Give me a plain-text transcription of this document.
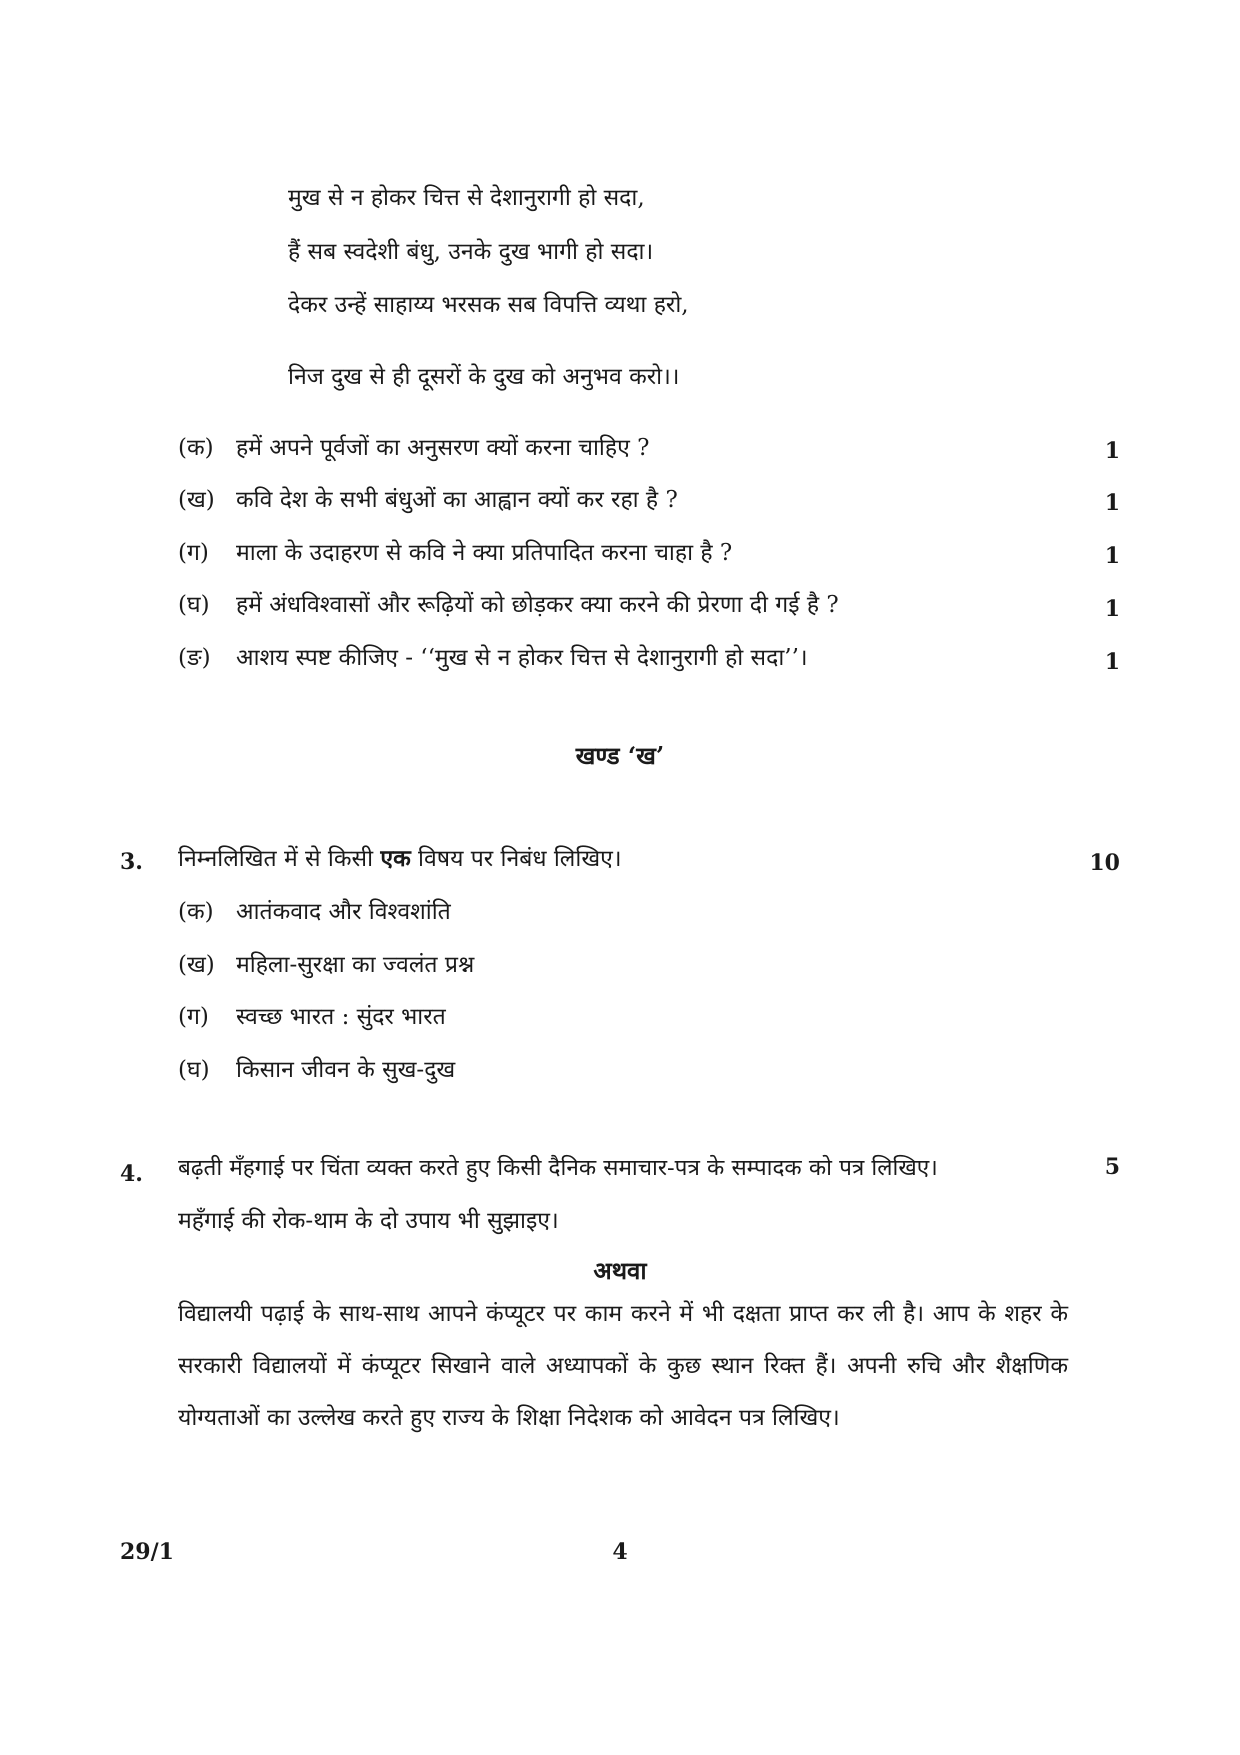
मुख से न होकर चित्त से देशानुरागी हो सदा,
हैं सब स्वदेशी बंधु, उनके दुख भागी हो सदा।
देकर उन्हें साहाय्य भरसक सब विपत्ति व्यथा हरो,
निज दुख से ही दूसरों के दुख को अनुभव करो।।
(क) हमें अपने पूर्वजों का अनुसरण क्यों करना चाहिए ?	1
(ख) कवि देश के सभी बंधुओं का आह्वान क्यों कर रहा है ?	1
(ग) माला के उदाहरण से कवि ने क्या प्रतिपादित करना चाहा है ?	1
(घ) हमें अंधविश्वासों और रूढ़ियों को छोड़कर क्या करने की प्रेरणा दी गई है ?	1
(ङ) आशय स्पष्ट कीजिए - ‘‘मुख से न होकर चित्त से देशानुरागी हो सदा’’।	1
खण्ड ‘ख’
3. निम्नलिखित में से किसी एक विषय पर निबंध लिखिए।	10
(क) आतंकवाद और विश्वशांति
(ख) महिला-सुरक्षा का ज्वलंत प्रश्न
(ग) स्वच्छ भारत : सुंदर भारत
(घ) किसान जीवन के सुख-दुख
4. बढ़ती मँहगाई पर चिंता व्यक्त करते हुए किसी दैनिक समाचार-पत्र के सम्पादक को पत्र लिखिए।	5
महँगाई की रोक-थाम के दो उपाय भी सुझाइए।
अथवा
विद्यालयी पढ़ाई के साथ-साथ आपने कंप्यूटर पर काम करने में भी दक्षता प्राप्त कर ली है। आप के शहर के सरकारी विद्यालयों में कंप्यूटर सिखाने वाले अध्यापकों के कुछ स्थान रिक्त हैं। अपनी रुचि और शैक्षणिक योग्यताओं का उल्लेख करते हुए राज्य के शिक्षा निदेशक को आवेदन पत्र लिखिए।
29/1	4
